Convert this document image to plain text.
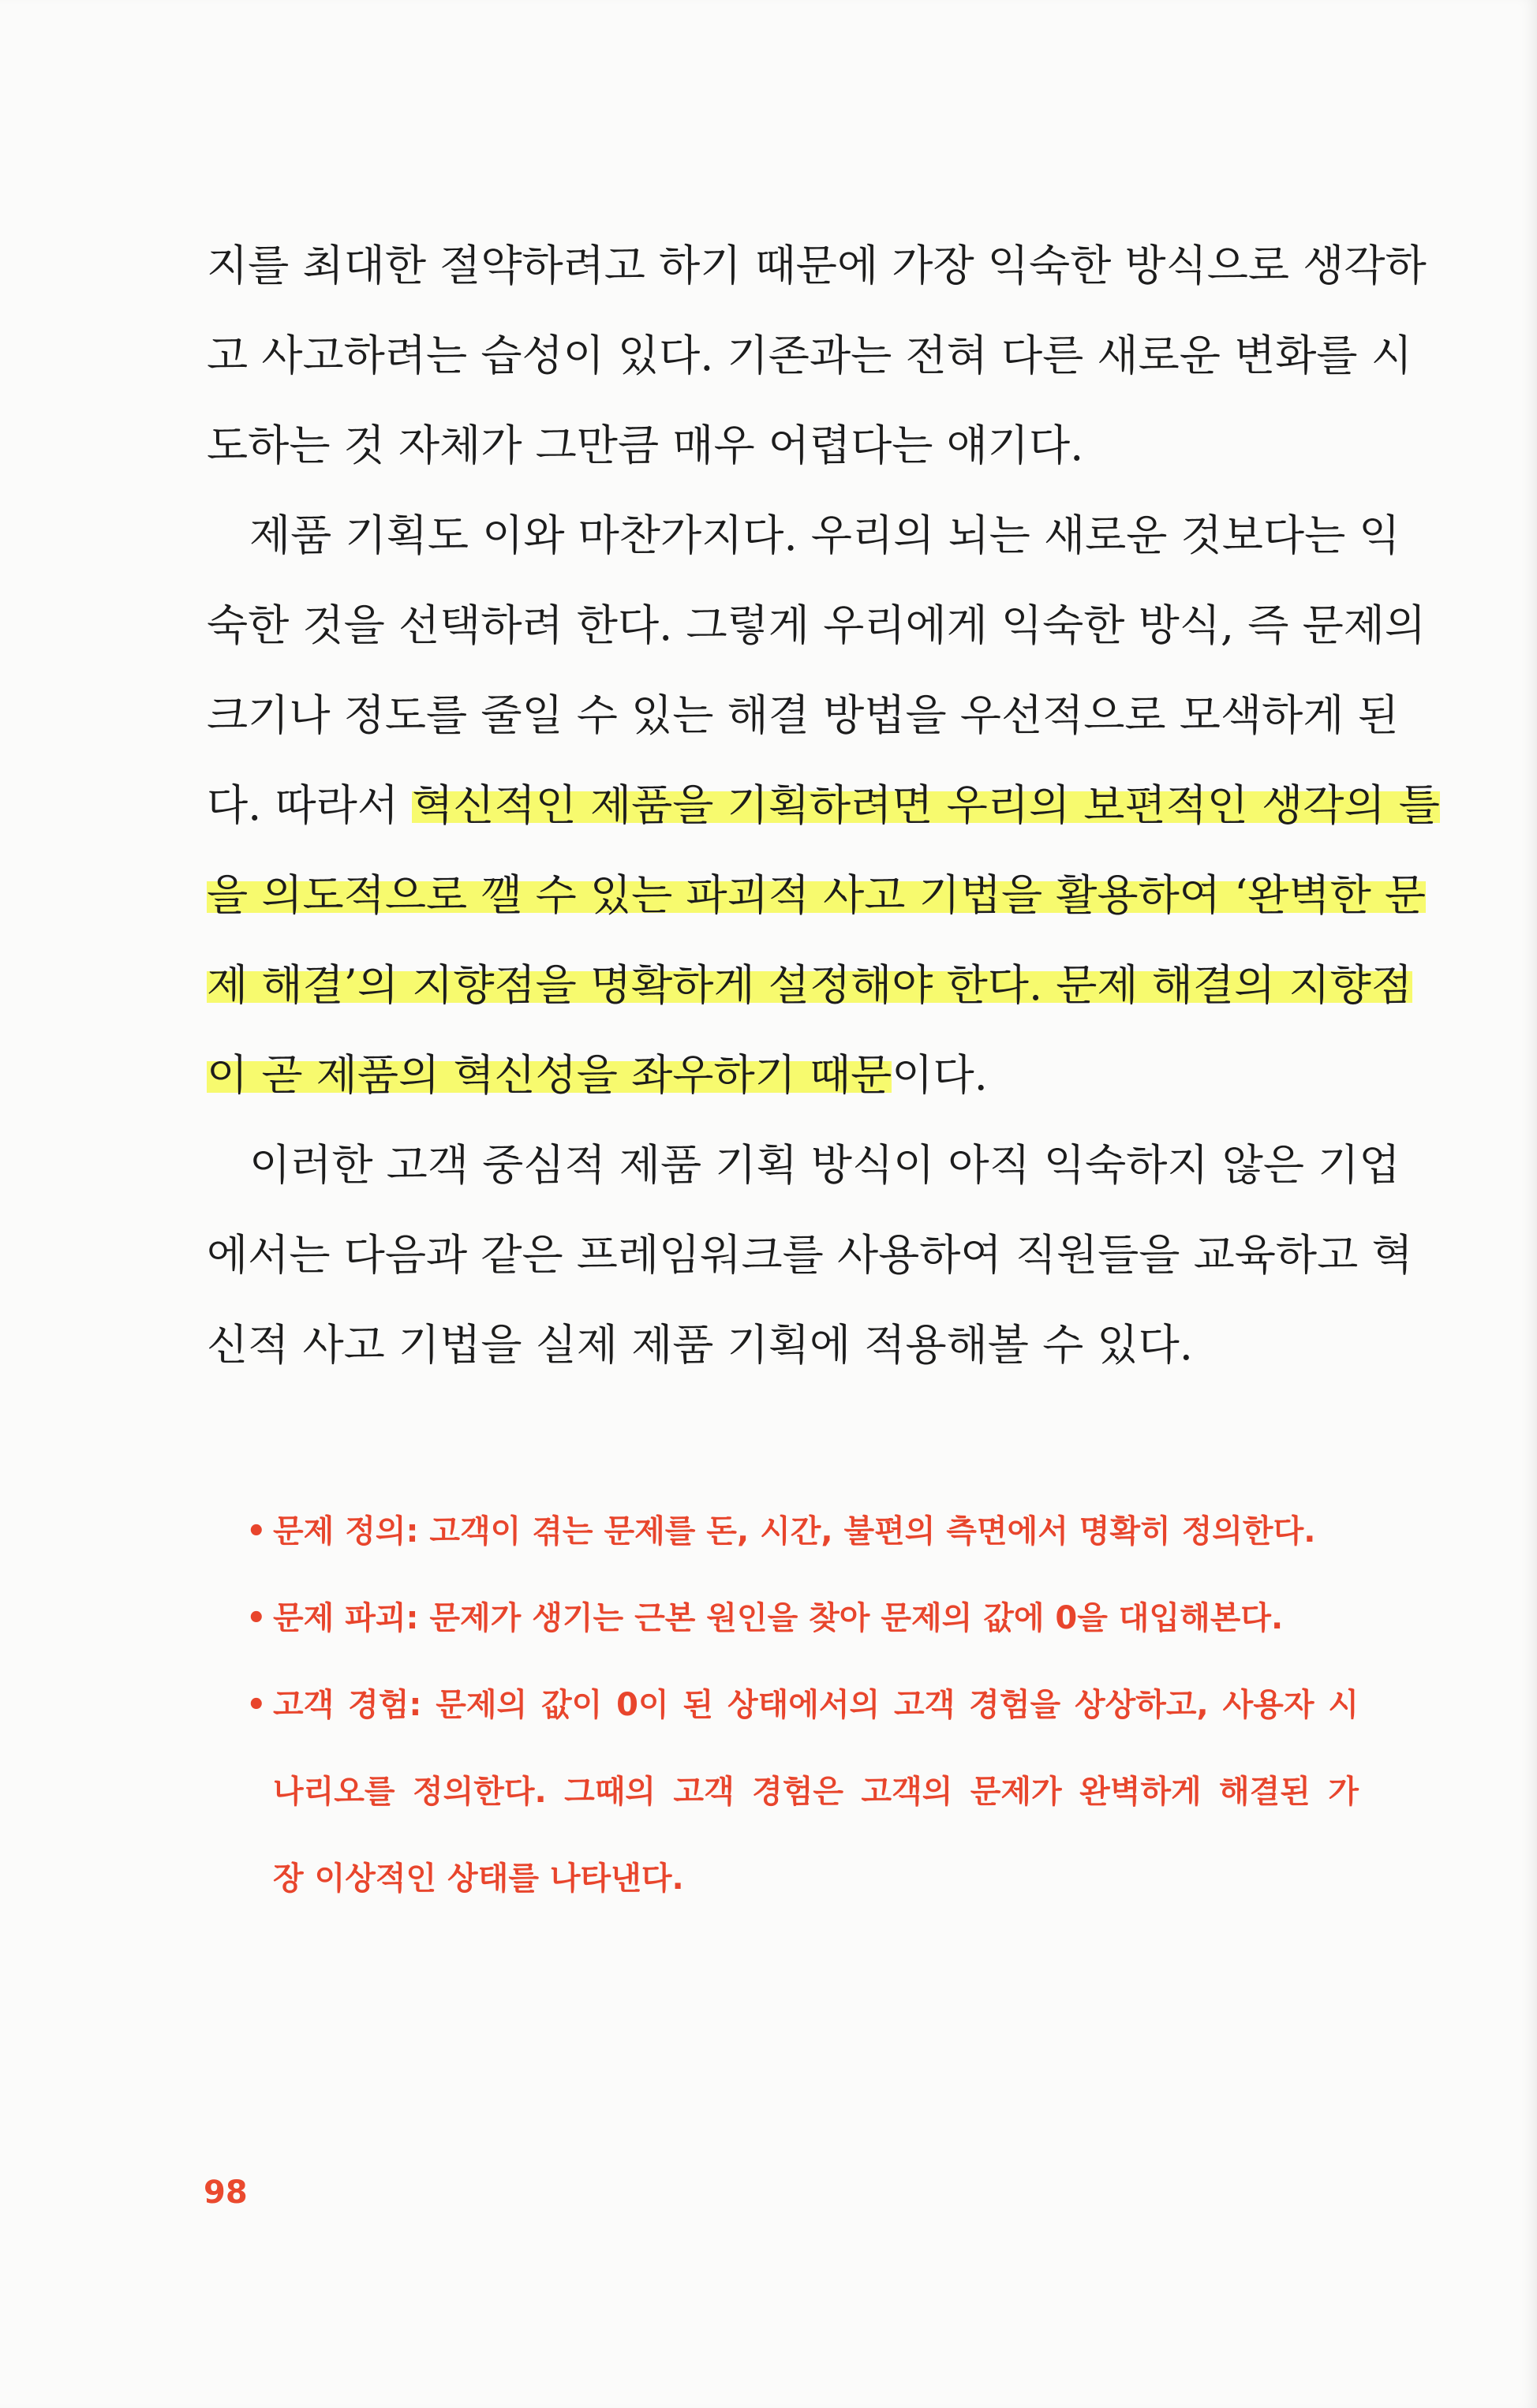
지를 최대한 절약하려고 하기 때문에 가장 익숙한 방식으로 생각하
고 사고하려는 습성이 있다. 기존과는 전혀 다른 새로운 변화를 시
도하는 것 자체가 그만큼 매우 어렵다는 얘기다.
제품 기획도 이와 마찬가지다. 우리의 뇌는 새로운 것보다는 익
숙한 것을 선택하려 한다. 그렇게 우리에게 익숙한 방식, 즉 문제의
크기나 정도를 줄일 수 있는 해결 방법을 우선적으로 모색하게 된
다. 따라서 혁신적인 제품을 기획하려면 우리의 보편적인 생각의 틀
을 의도적으로 깰 수 있는 파괴적 사고 기법을 활용하여 ‘완벽한 문
제 해결’의 지향점을 명확하게 설정해야 한다. 문제 해결의 지향점
이 곧 제품의 혁신성을 좌우하기 때문이다.
이러한 고객 중심적 제품 기획 방식이 아직 익숙하지 않은 기업
에서는 다음과 같은 프레임워크를 사용하여 직원들을 교육하고 혁
신적 사고 기법을 실제 제품 기획에 적용해볼 수 있다.
• 문제 정의: 고객이 겪는 문제를 돈, 시간, 불편의 측면에서 명확히 정의한다.
• 문제 파괴: 문제가 생기는 근본 원인을 찾아 문제의 값에 0을 대입해본다.
• 고객 경험: 문제의 값이 0이 된 상태에서의 고객 경험을 상상하고, 사용자 시
나리오를 정의한다. 그때의 고객 경험은 고객의 문제가 완벽하게 해결된 가
장 이상적인 상태를 나타낸다.
98
